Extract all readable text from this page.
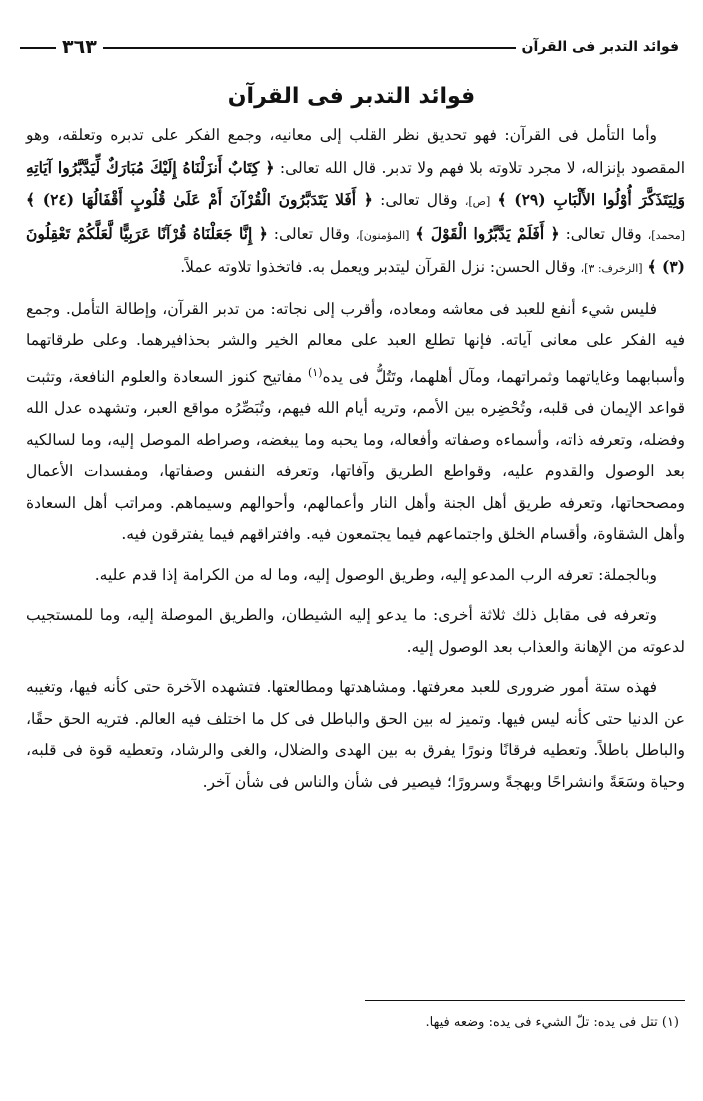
٣٦٣	فوائد التدبر فى القرآن
فوائد التدبر فى القرآن

وأما التأمل فى القرآن: فهو تحديق نظر القلب إلى معانيه، وجمع الفكر على تدبره وتعلقه، وهو المقصود بإنزاله، لا مجرد تلاوته بلا فهم ولا تدبر. قال الله تعالى: ﴿ كِتَابٌ أَنزَلْنَاهُ إِلَيْكَ مُبَارَكٌ لِّيَدَّبَّرُوا آيَاتِهِ وَلِيَتَذَكَّرَ أُوْلُوا الأَلْبَابِ (٢٩) ﴾ [ص]، وقال تعالى: ﴿ أَفَلا يَتَدَبَّرُونَ الْقُرْآنَ أَمْ عَلَىٰ قُلُوبٍ أَقْفَالُهَا (٢٤) ﴾ [محمد]، وقال تعالى: ﴿ أَفَلَمْ يَدَّبَّرُوا الْقَوْلَ ﴾ [المؤمنون]، وقال تعالى: ﴿ إِنَّا جَعَلْنَاهُ قُرْآنًا عَرَبِيًّا لَّعَلَّكُمْ تَعْقِلُونَ (٣) ﴾ [الزخرف: ٣]، وقال الحسن: نزل القرآن ليتدبر ويعمل به. فاتخذوا تلاوته عملاً.

فليس شيء أنفع للعبد فى معاشه ومعاده، وأقرب إلى نجاته: من تدبر القرآن، وإطالة التأمل. وجمع فيه الفكر على معانى آياته. فإنها تطلع العبد على معالم الخير والشر بحذافيرهما. وعلى طرقاتهما وأسبابهما وغاياتهما وثمراتهما، ومآل أهلهما، وتَتُلُّ فى يده$^{(١)}$ مفاتيح كنوز السعادة والعلوم النافعة، وتثبت قواعد الإيمان فى قلبه، وتُحْضِره بين الأمم، وتريه أيام الله فيهم، وتُبَصِّرُه مواقع العبر، وتشهده عدل الله وفضله، وتعرفه ذاته، وأسماءه وصفاته وأفعاله، وما يحبه وما يبغضه، وصراطه الموصل إليه، وما لسالكيه بعد الوصول والقدوم عليه، وقواطع الطريق وآفاتها، وتعرفه النفس وصفاتها، ومفسدات الأعمال ومصححاتها، وتعرفه طريق أهل الجنة وأهل النار وأعمالهم، وأحوالهم وسيماهم. ومراتب أهل السعادة وأهل الشقاوة، وأقسام الخلق واجتماعهم فيما يجتمعون فيه. وافتراقهم فيما يفترقون فيه.

وبالجملة: تعرفه الرب المدعو إليه، وطريق الوصول إليه، وما له من الكرامة إذا قدم عليه.

وتعرفه فى مقابل ذلك ثلاثة أخرى: ما يدعو إليه الشيطان، والطريق الموصلة إليه، وما للمستجيب لدعوته من الإهانة والعذاب بعد الوصول إليه.

فهذه ستة أمور ضرورى للعبد معرفتها. ومشاهدتها ومطالعتها. فتشهده الآخرة حتى كأنه فيها، وتغيبه عن الدنيا حتى كأنه ليس فيها. وتميز له بين الحق والباطل فى كل ما اختلف فيه العالم. فتريه الحق حقًا، والباطل باطلاً. وتعطيه فرقانًا ونورًا يفرق به بين الهدى والضلال، والغى والرشاد، وتعطيه قوة فى قلبه، وحياة وسَعَةً وانشراحًا وبهجةً وسرورًا؛ فيصير فى شأن والناس فى شأن آخر.

(١) تتل فى يده: تلّ الشيء فى يده: وضعه فيها.
